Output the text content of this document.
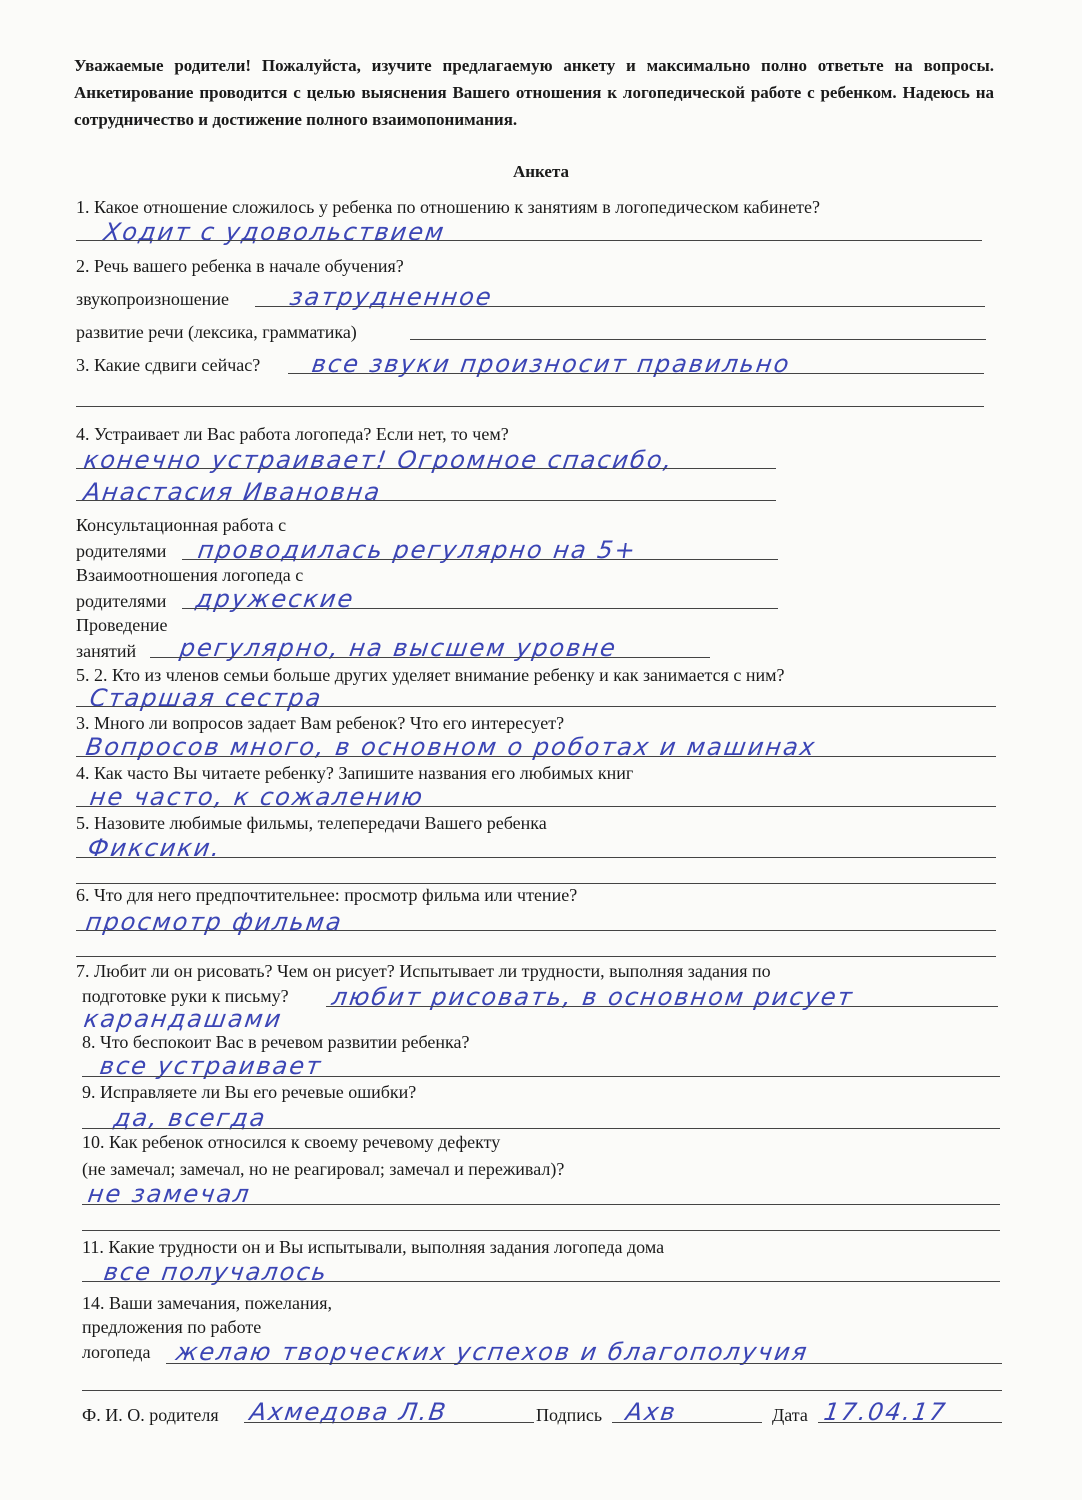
Уважаемые родители! Пожалуйста, изучите предлагаемую анкету и максимально полно ответьте на вопросы. Анкетирование проводится с целью выяснения Вашего отношения к логопедической работе с ребенком. Надеюсь на сотрудничество и достижение полного взаимопонимания.
Анкета
1. Какое отношение сложилось у ребенка по отношению к занятиям в логопедическом кабинете?
Ходит с удовольствием
2. Речь вашего ребенка в начале обучения?
звукопроизношение затрудненное
развитие речи (лексика, грамматика)
3. Какие сдвиги сейчас? все звуки произносит правильно
4. Устраивает ли Вас работа логопеда? Если нет, то чем?
конечно устраивает! Огромное спасибо,
Анастасия Ивановна
Консультационная работа с
родителями проводилась регулярно на 5+
Взаимоотношения логопеда с
родителями дружеские
Проведение
занятий регулярно, на высшем уровне
5. 2. Кто из членов семьи больше других уделяет внимание ребенку и как занимается с ним?
Старшая сестра
3. Много ли вопросов задает Вам ребенок? Что его интересует?
Вопросов много, в основном о роботах и машинах
4. Как часто Вы читаете ребенку? Запишите названия его любимых книг
не часто, к сожалению
5. Назовите любимые фильмы, телепередачи Вашего ребенка
Фиксики.
6. Что для него предпочтительнее: просмотр фильма или чтение?
просмотр фильма
7. Любит ли он рисовать? Чем он рисует? Испытывает ли трудности, выполняя задания по
подготовке руки к письму? любит рисовать, в основном рисует
карандашами
8. Что беспокоит Вас в речевом развитии ребенка?
все устраивает
9. Исправляете ли Вы его речевые ошибки?
да, всегда
10. Как ребенок относился к своему речевому дефекту
(не замечал; замечал, но не реагировал; замечал и переживал)?
не замечал
11. Какие трудности он и Вы испытывали, выполняя задания логопеда дома
все получалось
14. Ваши замечания, пожелания,
предложения по работе
логопеда желаю творческих успехов и благополучия
Ф. И. О. родителя Ахмедова Л.В	Подпись Ахв	Дата 17.04.17
